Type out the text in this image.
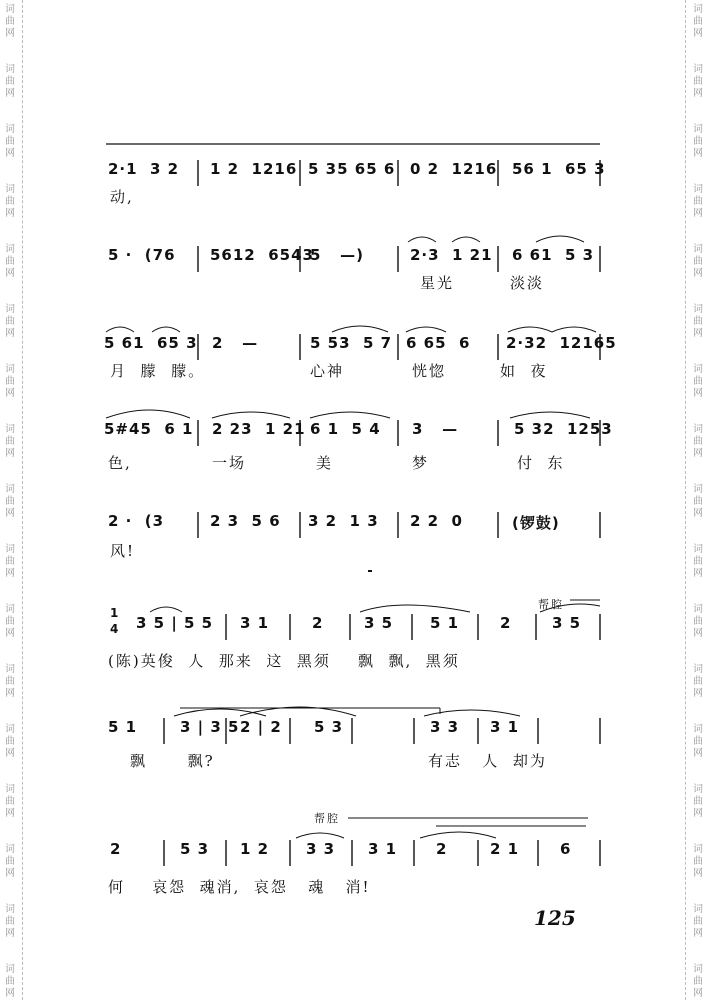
词
曲
网
词
曲
网
词
曲
网
词
曲
网
词
曲
网
词
曲
网
词
曲
网
词
曲
网
词
曲
网
词
曲
网
词
曲
网
词
曲
网
词
曲
网
词
曲
网
词
曲
网
词
曲
网
词
曲
网
词
曲
网
词
曲
网
词
曲
网
词
曲
网
词
曲
网
词
曲
网
词
曲
网
词
曲
网
词
曲
网
词
曲
网
词
曲
网
词
曲
网
词
曲
网
词
曲
网
词
曲
网
词
曲
网
词
曲
网
2·1  3 2 1 2  1216 5 35 65 6 0 2  1216 56 1  65 3
动,
5 ·  (76 5612  6543
5   —)	2·3  1 21 6 61  5 3
星光	淡淡
5 61  65 3 2   —	5 53  5 7 6 65  6 2·32  12165
月  朦  朦。	心神	恍惚	如  夜
5#45  6 1 2 23  1 21 6 1  5 4 3   —	5 32  1253
色,	一场	美	梦	付  东
2 ·  (3	2 3  5 6 3 2  1 3 2 2  0	(锣鼓)
风!
3 5 | 5 5 3 1	2	3 5 5 1	2	3 5
(陈)英俊  人  那来  这  黑须    飘  飘,  黑须
帮腔
1
4
5 1	3 | 3 5 2 | 2 5 3	3 3 3 1
飘      飘?	有志   人  却为
2	5 3 1 2 3 3 3 1	2	2 1	6
何    哀怨  魂消,  哀怨   魂   消!
帮腔
125
